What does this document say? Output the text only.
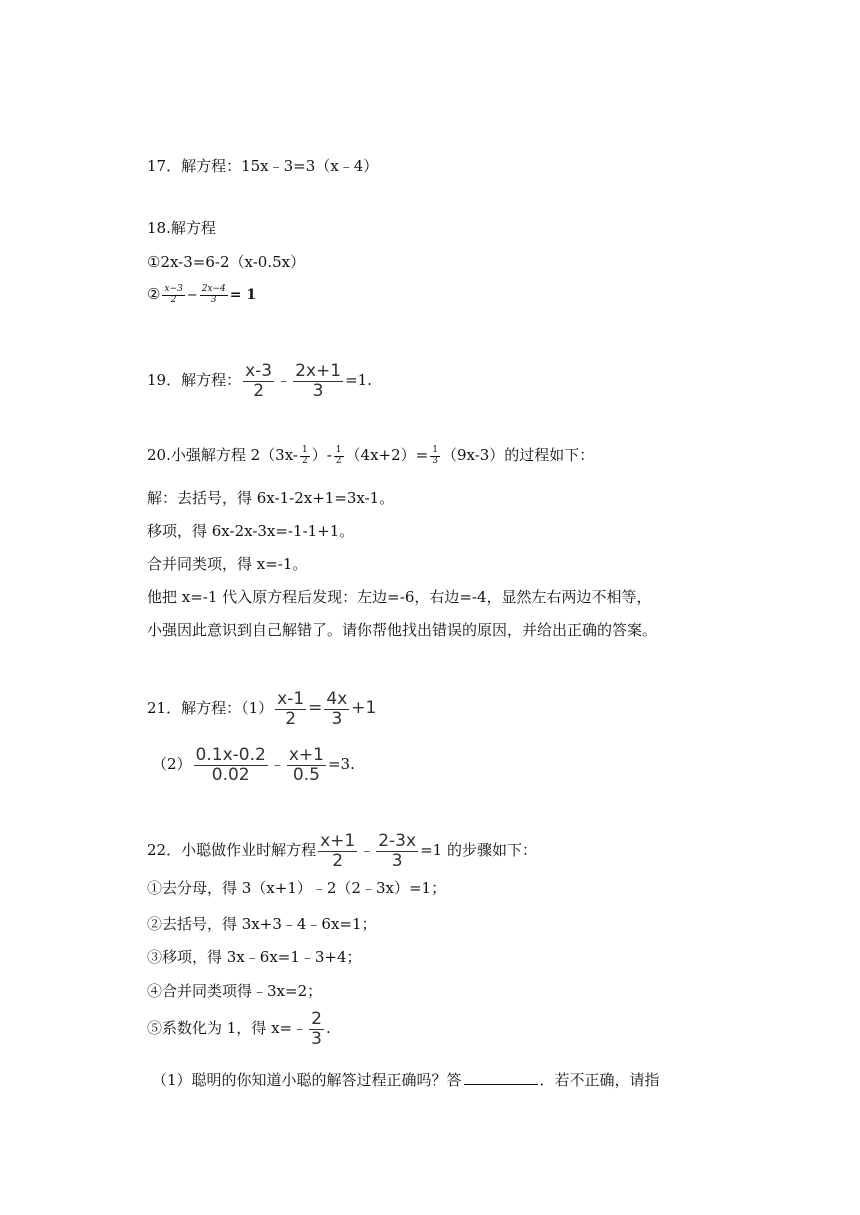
17．解方程：15x﹣3=3（x﹣4）
18.解方程
①2x-3=6-2（x-0.5x）
② $\frac{x-3}{2} - \frac{2x-4}{3} = 1$
19．解方程： $\frac{x-3}{2}$ ﹣ $\frac{2x+1}{3} =1$.
20.小强解方程 $2(3x- \frac{1}{2}$ ）- $\frac{1}{2} (4x+2)= \frac{1}{3} (9x-3)$的过程如下：
解：去括号，得 6x-1-2x+1=3x-1。
移项，得 6x-2x-3x=-1-1+1。
合并同类项，得 x=-1。
他把 x=-1 代入原方程后发现：左边=-6，右边=-4，显然左右两边不相等，
小强因此意识到自己解错了。请你帮他找出错误的原因，并给出正确的答案。
21．解方程：$(1) \frac{x-1}{2} = \frac{4x}{3} +1$
$(2) \frac{0.1x-0.2}{0.02}$ ﹣ $\frac{x+1}{0.5} =3$.
22．小聪做作业时解方程 $\frac{x+1}{2}$ ﹣ $\frac{2-3x}{3} =1$ 的步骤如下：
①去分母，得 3（x+1）﹣2（2﹣3x）=1；
②去括号，得 3x+3﹣4﹣6x=1；
③移项，得 3x﹣6x=1﹣3+4；
④合并同类项得﹣3x=2；
⑤系数化为 1，得 x=﹣ $\frac{2}{3}$ .
（1）聪明的你知道小聪的解答过程正确吗？答	．若不正确，请指
